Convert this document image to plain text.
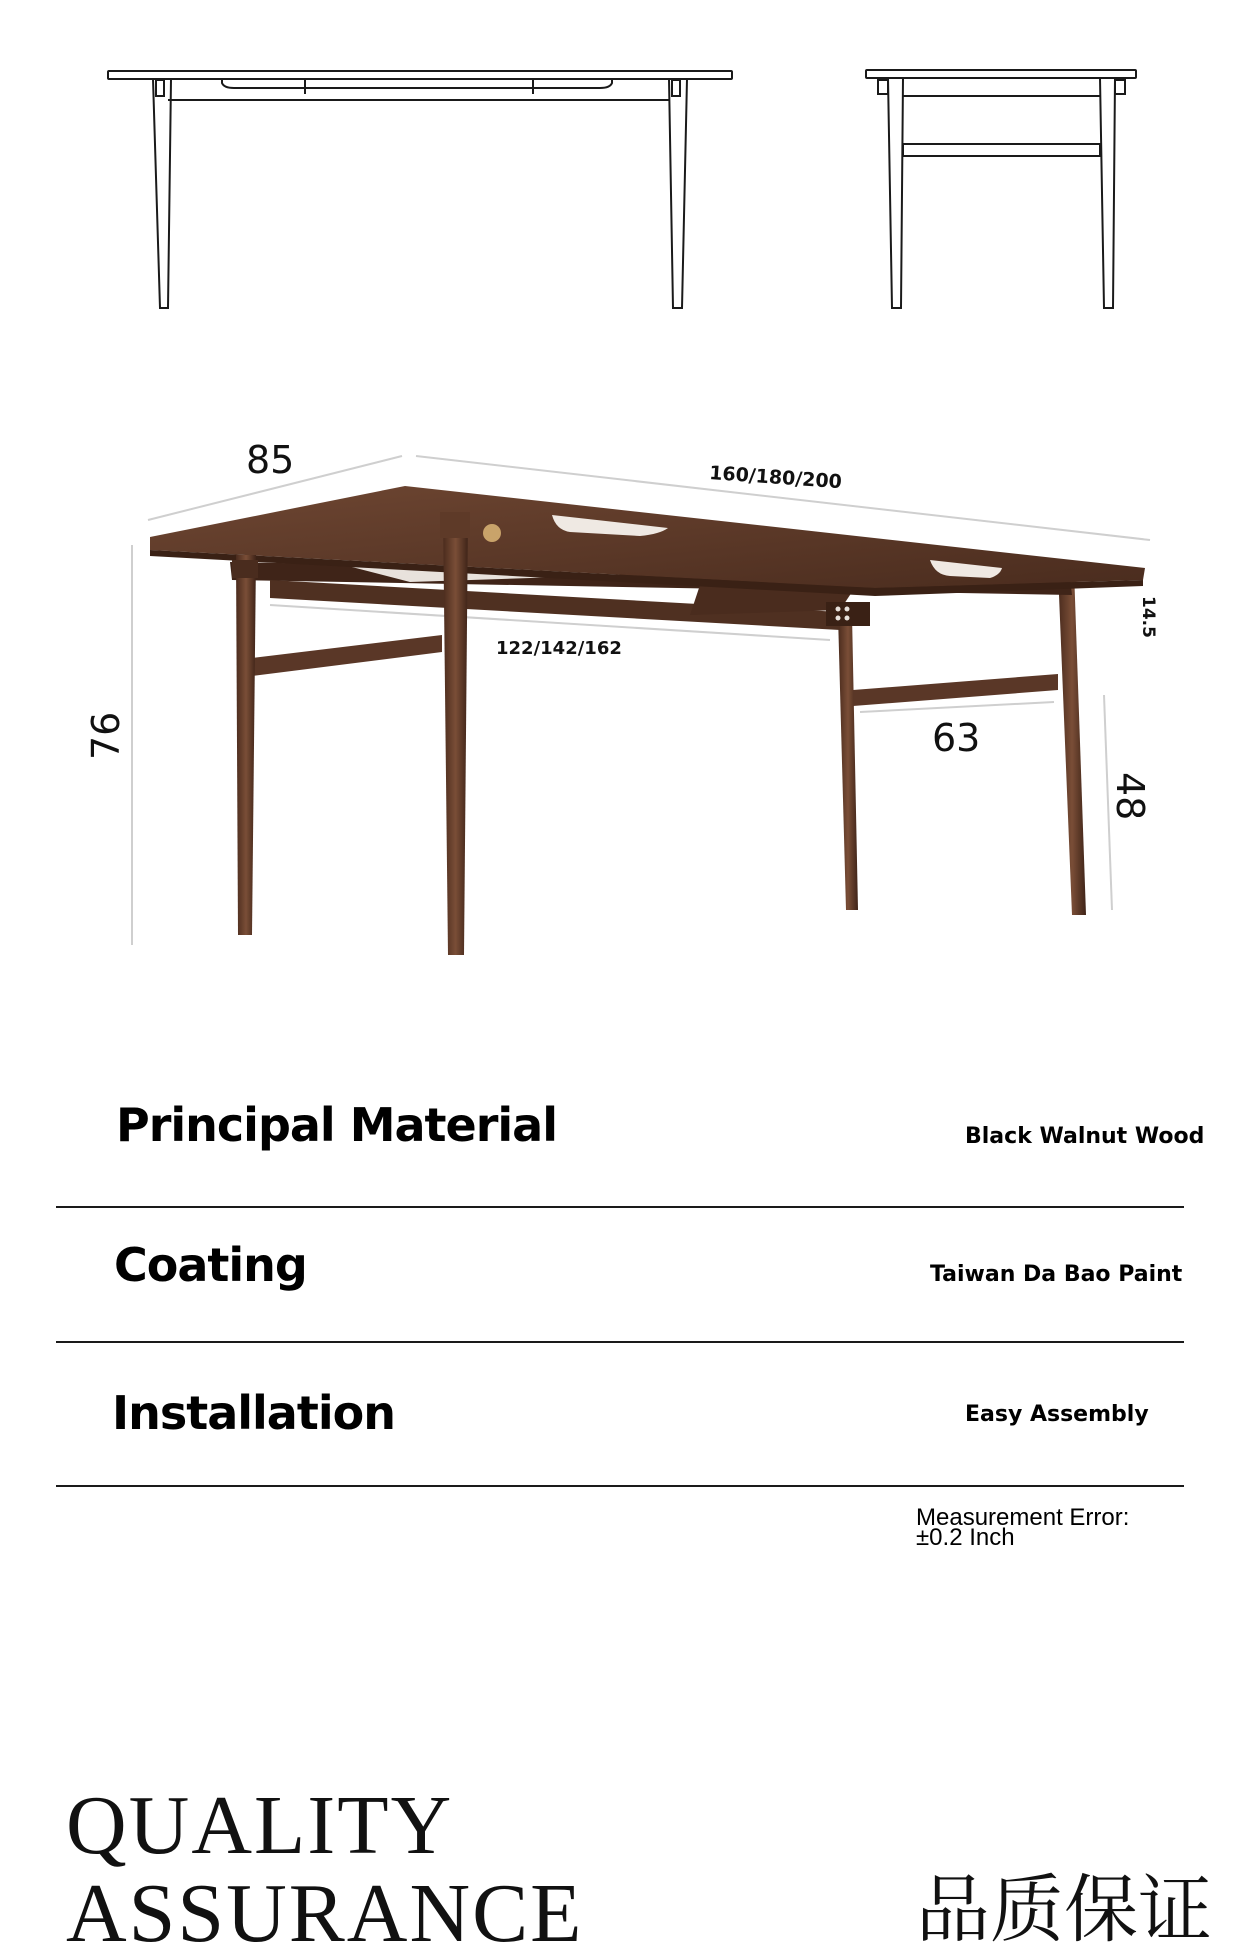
85	160/180/200
122/142/162
76
14.5
63
48
Principal Material	Black Walnut Wood
Coating	Taiwan Da Bao Paint
Installation	Easy Assembly
Measurement Error:
±0.2 Inch
QUALITY
ASSURANCE	品质保证
